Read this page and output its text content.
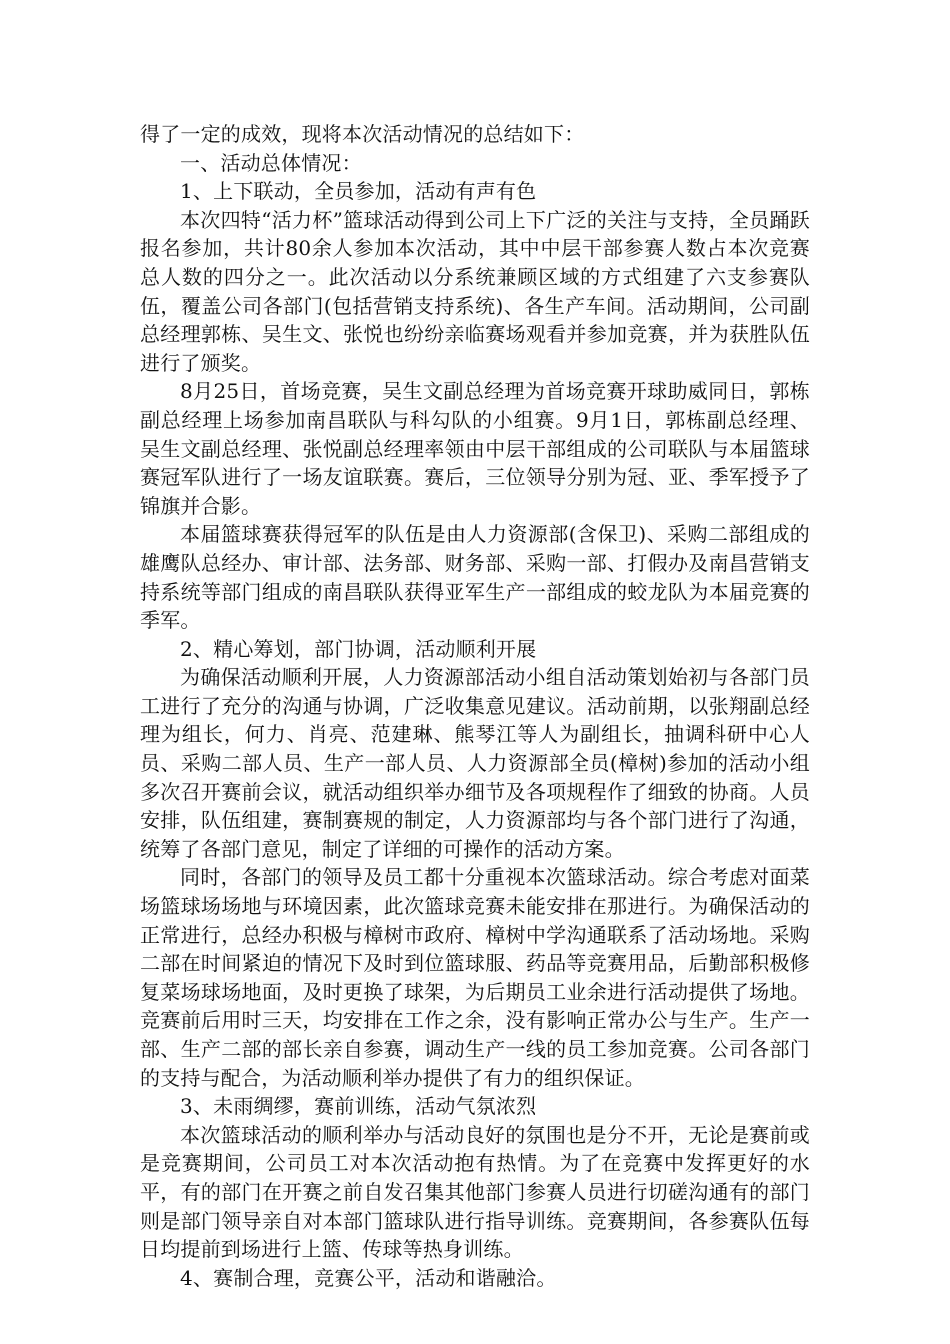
得了一定的成效，现将本次活动情况的总结如下：

一、活动总体情况：

1、上下联动，全员参加，活动有声有色

本次四特“活力杯”篮球活动得到公司上下广泛的关注与支持，全员踊跃报名参加，共计80余人参加本次活动，其中中层干部参赛人数占本次竞赛总人数的四分之一。此次活动以分系统兼顾区域的方式组建了六支参赛队伍，覆盖公司各部门(包括营销支持系统)、各生产车间。活动期间，公司副总经理郭栋、吴生文、张悦也纷纷亲临赛场观看并参加竞赛，并为获胜队伍进行了颁奖。

8月25日，首场竞赛，吴生文副总经理为首场竞赛开球助威同日，郭栋副总经理上场参加南昌联队与科勾队的小组赛。9月1日，郭栋副总经理、吴生文副总经理、张悦副总经理率领由中层干部组成的公司联队与本届篮球赛冠军队进行了一场友谊联赛。赛后，三位领导分别为冠、亚、季军授予了锦旗并合影。

本届篮球赛获得冠军的队伍是由人力资源部(含保卫)、采购二部组成的雄鹰队总经办、审计部、法务部、财务部、采购一部、打假办及南昌营销支持系统等部门组成的南昌联队获得亚军生产一部组成的蛟龙队为本届竞赛的季军。

2、精心筹划，部门协调，活动顺利开展

为确保活动顺利开展，人力资源部活动小组自活动策划始初与各部门员工进行了充分的沟通与协调，广泛收集意见建议。活动前期，以张翔副总经理为组长，何力、肖亮、范建琳、熊琴江等人为副组长，抽调科研中心人员、采购二部人员、生产一部人员、人力资源部全员(樟树)参加的活动小组多次召开赛前会议，就活动组织举办细节及各项规程作了细致的协商。人员安排，队伍组建，赛制赛规的制定，人力资源部均与各个部门进行了沟通，统筹了各部门意见，制定了详细的可操作的活动方案。

同时，各部门的领导及员工都十分重视本次篮球活动。综合考虑对面菜场篮球场场地与环境因素，此次篮球竞赛未能安排在那进行。为确保活动的正常进行，总经办积极与樟树市政府、樟树中学沟通联系了活动场地。采购二部在时间紧迫的情况下及时到位篮球服、药品等竞赛用品，后勤部积极修复菜场球场地面，及时更换了球架，为后期员工业余进行活动提供了场地。竞赛前后用时三天，均安排在工作之余，没有影响正常办公与生产。生产一部、生产二部的部长亲自参赛，调动生产一线的员工参加竞赛。公司各部门的支持与配合，为活动顺利举办提供了有力的组织保证。

3、未雨绸缪，赛前训练，活动气氛浓烈

本次篮球活动的顺利举办与活动良好的氛围也是分不开，无论是赛前或是竞赛期间，公司员工对本次活动抱有热情。为了在竞赛中发挥更好的水平，有的部门在开赛之前自发召集其他部门参赛人员进行切磋沟通有的部门则是部门领导亲自对本部门篮球队进行指导训练。竞赛期间，各参赛队伍每日均提前到场进行上篮、传球等热身训练。

4、赛制合理，竞赛公平，活动和谐融洽。
